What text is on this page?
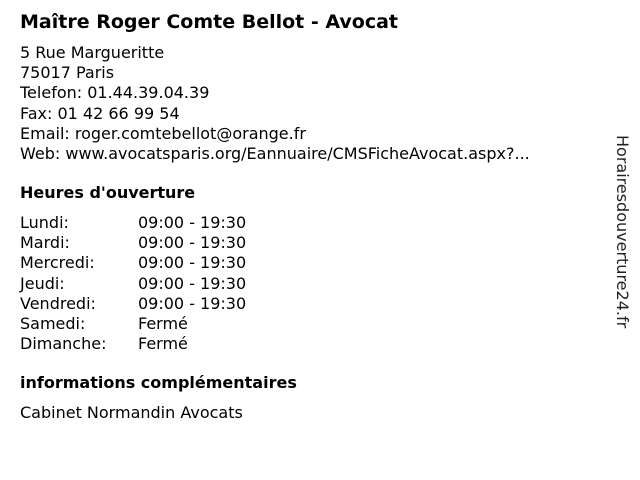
Maître Roger Comte Bellot - Avocat
5 Rue Margueritte
75017 Paris
Telefon: 01.44.39.04.39
Fax: 01 42 66 99 54
Email: roger.comtebellot@orange.fr
Web: www.avocatsparis.org/Eannuaire/CMSFicheAvocat.aspx?...
Heures d'ouverture
Lundi:	09:00 - 19:30
Mardi:	09:00 - 19:30
Mercredi:	09:00 - 19:30
Jeudi:	09:00 - 19:30
Vendredi:	09:00 - 19:30
Samedi:	Fermé
Dimanche:	Fermé
informations complémentaires
Cabinet Normandin Avocats
Horairesdouverture24.fr
